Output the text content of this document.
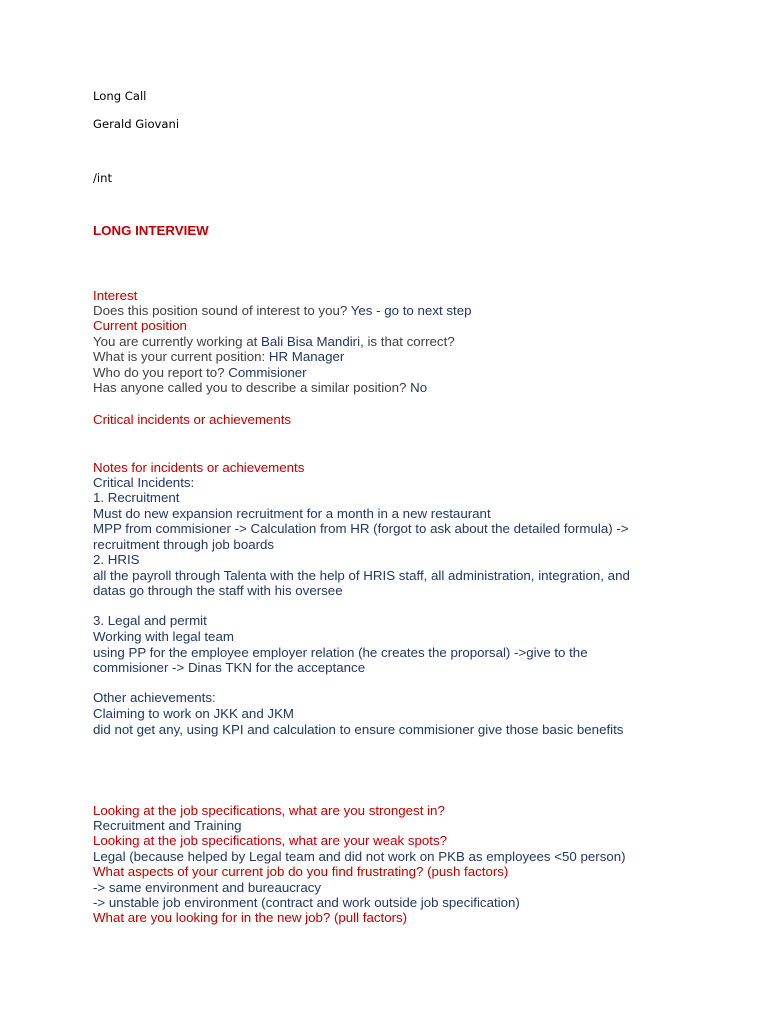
Long Call
Gerald Giovani
/int
LONG INTERVIEW
Interest
Does this position sound of interest to you? Yes - go to next step
Current position
You are currently working at Bali Bisa Mandiri, is that correct?
What is your current position: HR Manager
Who do you report to? Commisioner
Has anyone called you to describe a similar position? No
Critical incidents or achievements
Notes for incidents or achievements
Critical Incidents:
1. Recruitment
Must do new expansion recruitment for a month in a new restaurant
MPP from commisioner -> Calculation from HR (forgot to ask about the detailed formula) ->
recruitment through job boards
2. HRIS
all the payroll through Talenta with the help of HRIS staff, all administration, integration, and
datas go through the staff with his oversee
3. Legal and permit
Working with legal team
using PP for the employee employer relation (he creates the proporsal) ->give to the
commisioner -> Dinas TKN for the acceptance
Other achievements:
Claiming to work on JKK and JKM
did not get any, using KPI and calculation to ensure commisioner give those basic benefits
Looking at the job specifications, what are you strongest in?
Recruitment and Training
Looking at the job specifications, what are your weak spots?
Legal (because helped by Legal team and did not work on PKB as employees <50 person)
What aspects of your current job do you find frustrating? (push factors)
-> same environment and bureaucracy
-> unstable job environment (contract and work outside job specification)
What are you looking for in the new job? (pull factors)
